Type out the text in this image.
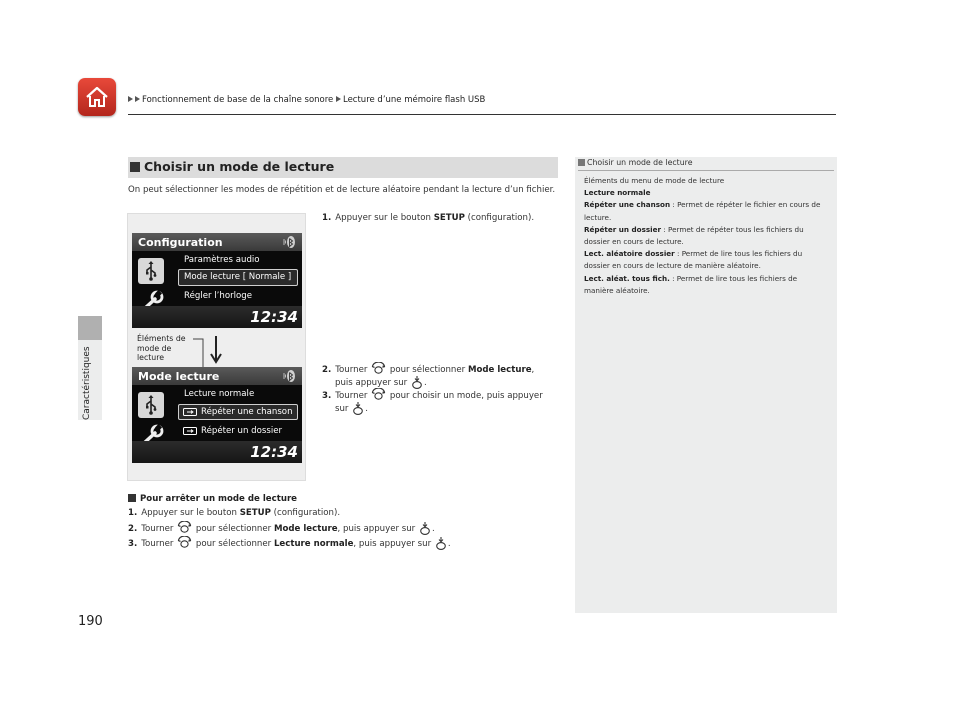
Fonctionnement de base de la chaîne sonore Lecture d’une mémoire flash USB
Caractéristiques
190
Choisir un mode de lecture
On peut sélectionner les modes de répétition et de lecture aléatoire pendant la lecture d’un fichier.
1. Appuyer sur le bouton SETUP (configuration).
2. Tourner	pour sélectionner Mode lecture,
puis appuyer sur .
3. Tourner	pour choisir un mode, puis appuyer
sur .
Configuration
Paramètres audio
Mode lecture [ Normale ]
Régler l’horloge
12:34
Mode lecture
Lecture normale
Répéter une chanson
Répéter un dossier
12:34
Éléments de
mode de
lecture
Pour arrêter un mode de lecture
1. Appuyer sur le bouton SETUP (configuration).
2. Tourner	pour sélectionner Mode lecture, puis appuyer sur .
3. Tourner	pour sélectionner Lecture normale, puis appuyer sur .
Choisir un mode de lecture
Éléments du menu de mode de lecture
Lecture normale
Répéter une chanson : Permet de répéter le fichier en cours de lecture.
Répéter un dossier : Permet de répéter tous les fichiers du dossier en cours de lecture.
Lect. aléatoire dossier : Permet de lire tous les fichiers du dossier en cours de lecture de manière aléatoire.
Lect. aléat. tous fich. : Permet de lire tous les fichiers de manière aléatoire.
